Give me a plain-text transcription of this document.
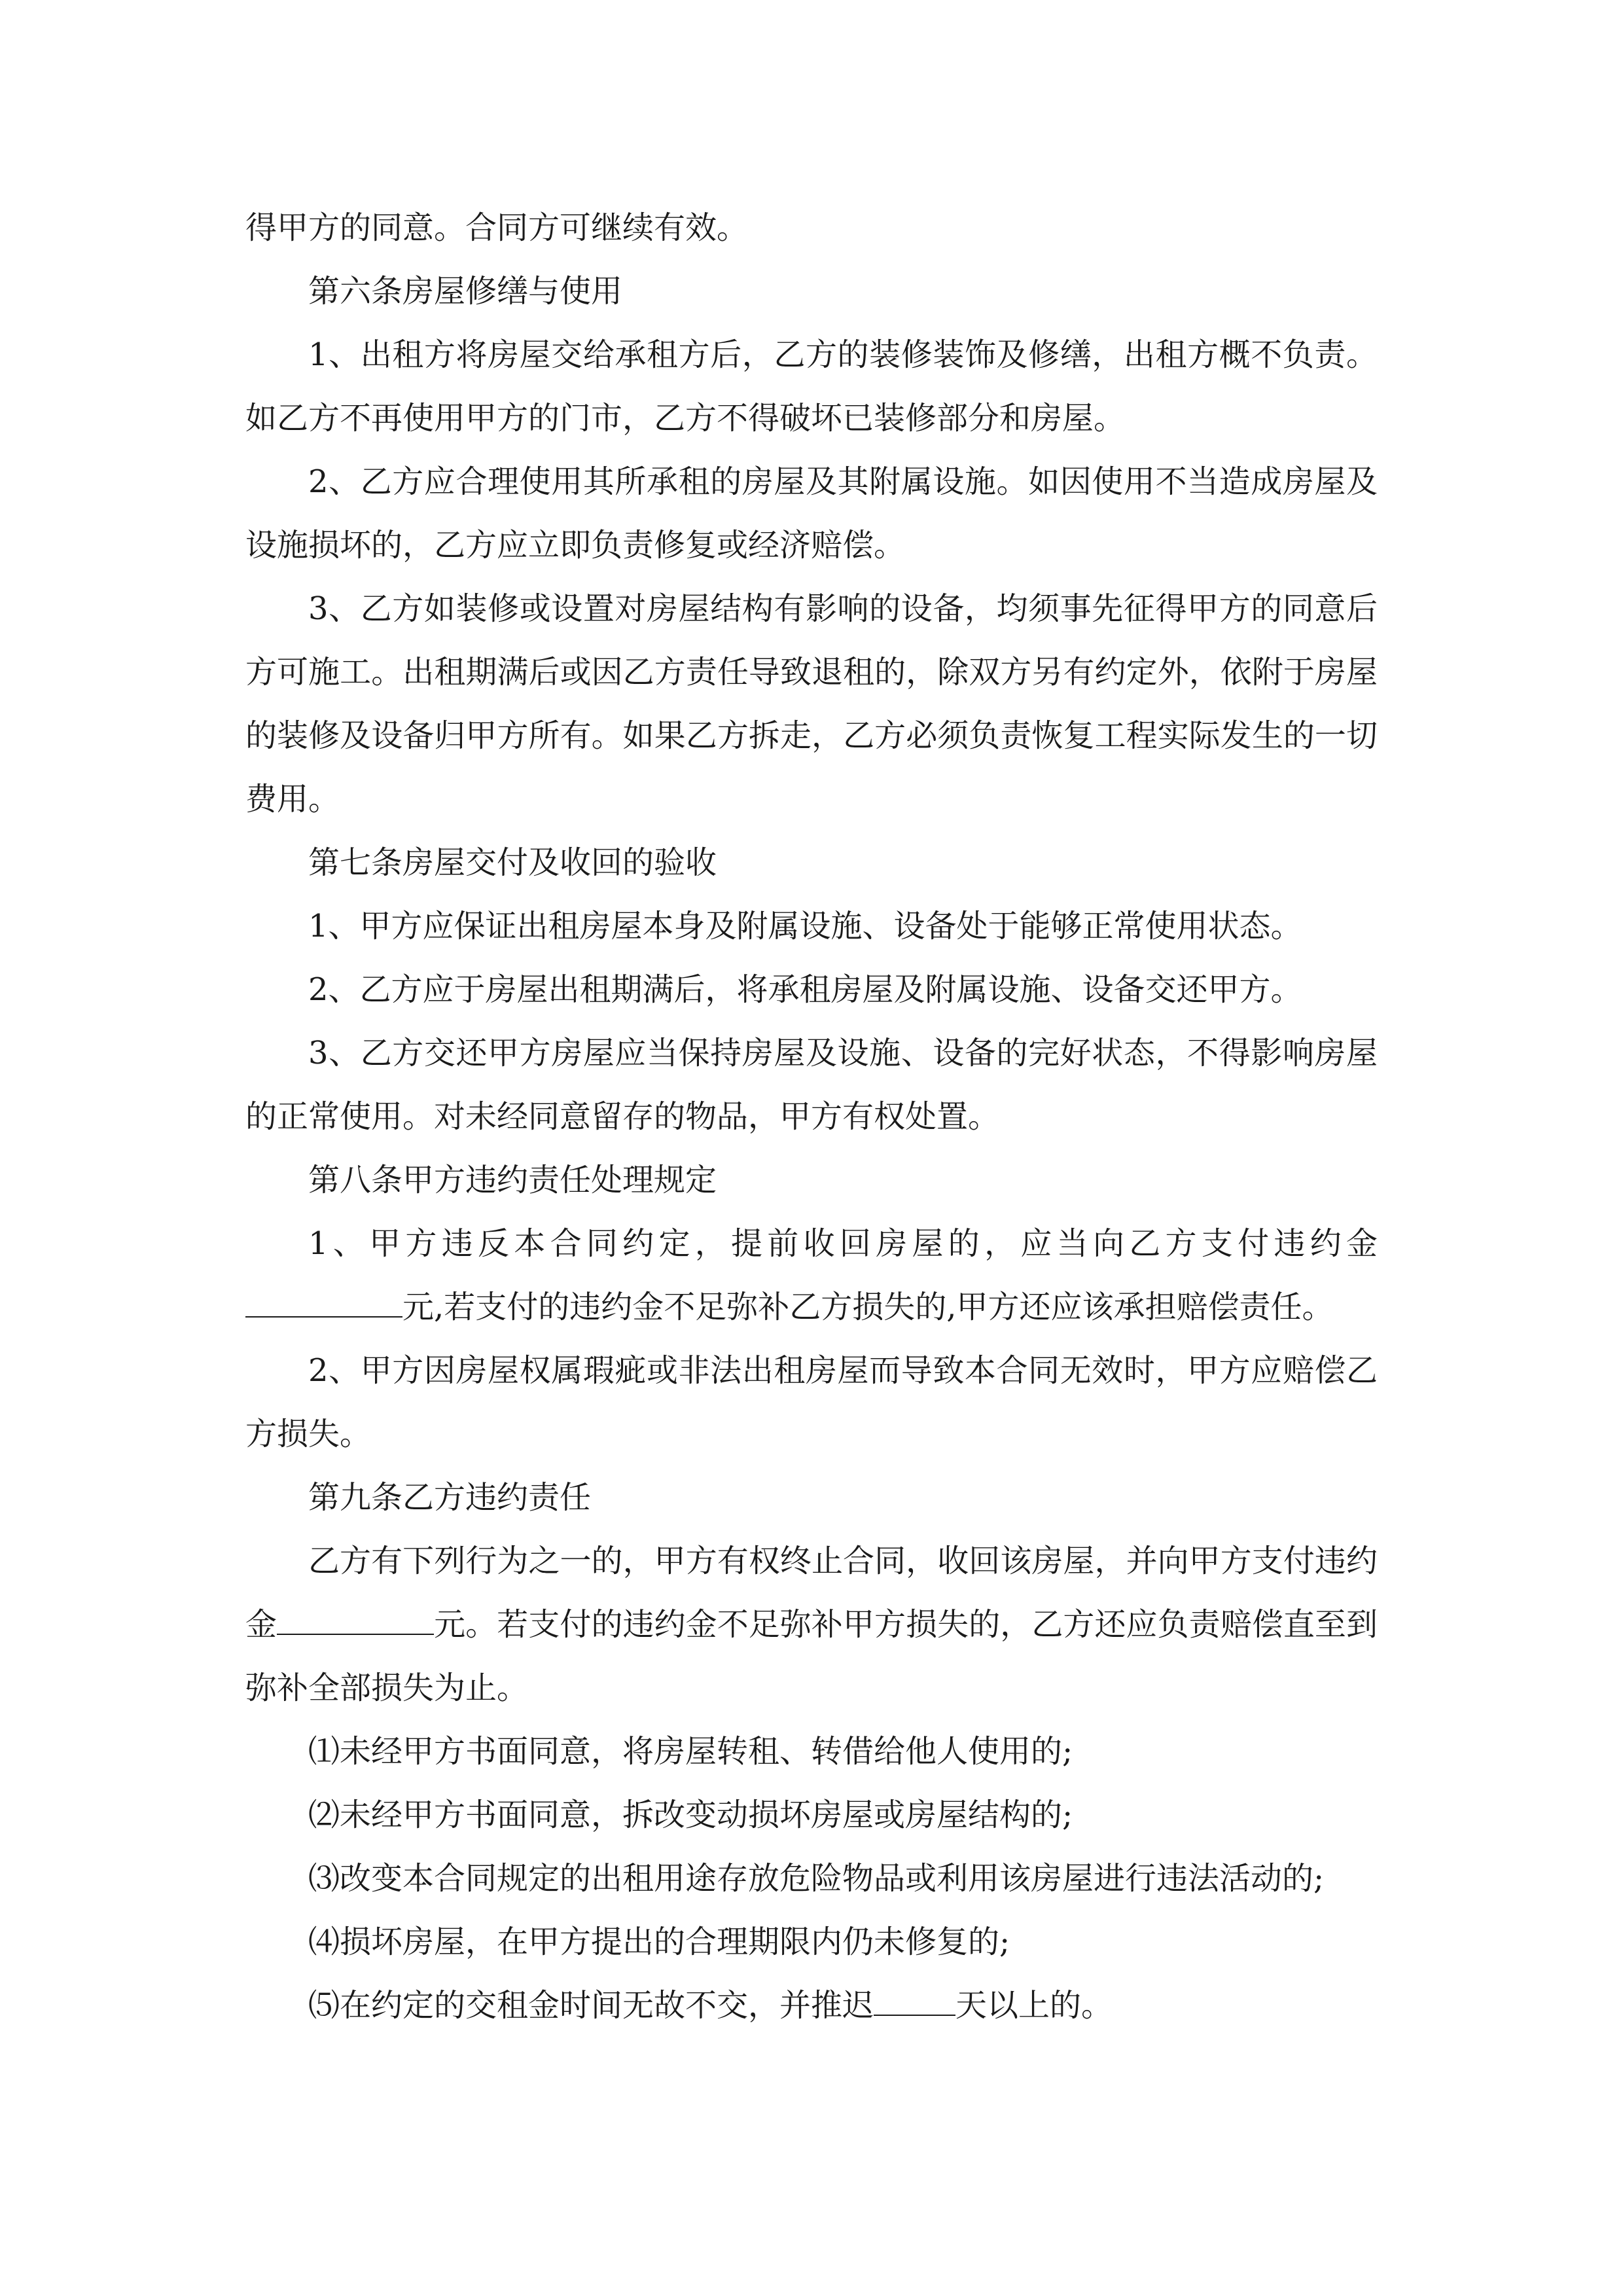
得甲方的同意。合同方可继续有效。

第六条房屋修缮与使用

1、出租方将房屋交给承租方后，乙方的装修装饰及修缮，出租方概不负责。如乙方不再使用甲方的门市，乙方不得破坏已装修部分和房屋。

2、乙方应合理使用其所承租的房屋及其附属设施。如因使用不当造成房屋及设施损坏的，乙方应立即负责修复或经济赔偿。

3、乙方如装修或设置对房屋结构有影响的设备，均须事先征得甲方的同意后方可施工。出租期满后或因乙方责任导致退租的，除双方另有约定外，依附于房屋的装修及设备归甲方所有。如果乙方拆走，乙方必须负责恢复工程实际发生的一切费用。

第七条房屋交付及收回的验收

1、甲方应保证出租房屋本身及附属设施、设备处于能够正常使用状态。

2、乙方应于房屋出租期满后，将承租房屋及附属设施、设备交还甲方。

3、乙方交还甲方房屋应当保持房屋及设施、设备的完好状态，不得影响房屋的正常使用。对未经同意留存的物品，甲方有权处置。

第八条甲方违约责任处理规定

1、甲方违反本合同约定，提前收回房屋的，应当向乙方支付违约金元,若支付的违约金不足弥补乙方损失的,甲方还应该承担赔偿责任。

2、甲方因房屋权属瑕疵或非法出租房屋而导致本合同无效时，甲方应赔偿乙方损失。

第九条乙方违约责任

乙方有下列行为之一的，甲方有权终止合同，收回该房屋，并向甲方支付违约金	元。若支付的违约金不足弥补甲方损失的，乙方还应负责赔偿直至到弥补全部损失为止。

⑴未经甲方书面同意，将房屋转租、转借给他人使用的;

⑵未经甲方书面同意，拆改变动损坏房屋或房屋结构的;

⑶改变本合同规定的出租用途存放危险物品或利用该房屋进行违法活动的;

⑷损坏房屋，在甲方提出的合理期限内仍未修复的;

⑸在约定的交租金时间无故不交，并推迟	天以上的。
